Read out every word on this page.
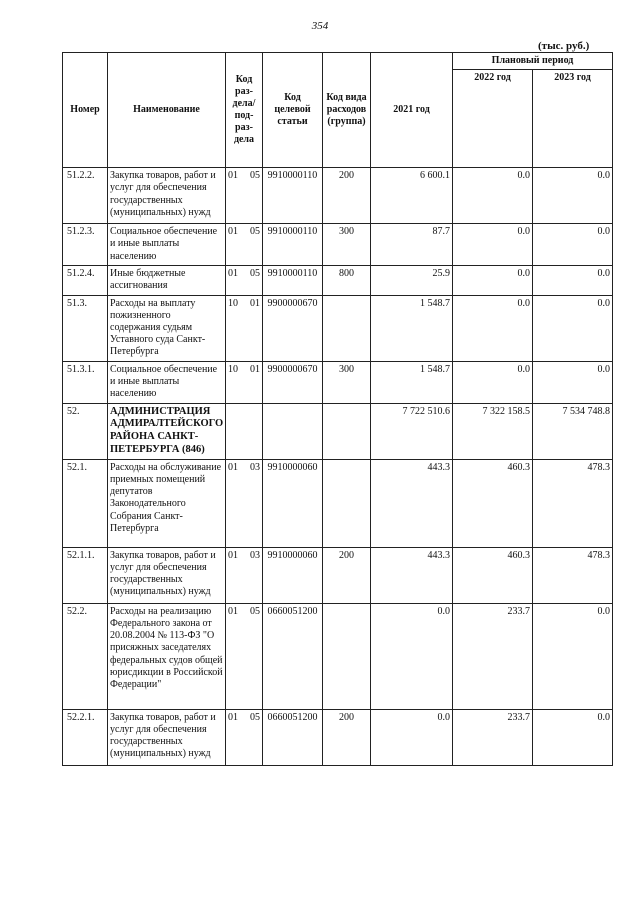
354
(тыс. руб.)
Номер	Наименование	Код раз-дела/ под-раз-дела	Код целевой статьи	Код вида расходов (группа)	2021 год	Плановый период	
						2022 год	2023 год
51.2.2.	Закупка товаров, работ и услуг для обеспечения государственных (муниципальных) нужд	01 05	9910000110	200	6 600.1	0.0	0.0
51.2.3.	Социальное обеспечение и иные выплаты населению	01 05	9910000110	300	87.7	0.0	0.0
51.2.4.	Иные бюджетные ассигнования	01 05	9910000110	800	25.9	0.0	0.0
51.3.	Расходы на выплату пожизненного содержания судьям Уставного суда Санкт-Петербурга	10 01	9900000670		1 548.7	0.0	0.0
51.3.1.	Социальное обеспечение и иные выплаты населению	10 01	9900000670	300	1 548.7	0.0	0.0
52.	АДМИНИСТРАЦИЯ АДМИРАЛТЕЙСКОГО РАЙОНА САНКТ-ПЕТЕРБУРГА (846)				7 722 510.6	7 322 158.5	7 534 748.8
52.1.	Расходы на обслуживание приемных помещений депутатов Законодательного Собрания Санкт-Петербурга	01 03	9910000060		443.3	460.3	478.3
52.1.1.	Закупка товаров, работ и услуг для обеспечения государственных (муниципальных) нужд	01 03	9910000060	200	443.3	460.3	478.3
52.2.	Расходы на реализацию Федерального закона от 20.08.2004 № 113-ФЗ "О присяжных заседателях федеральных судов общей юрисдикции в Российской Федерации"	01 05	0660051200		0.0	233.7	0.0
52.2.1.	Закупка товаров, работ и услуг для обеспечения государственных (муниципальных) нужд	01 05	0660051200	200	0.0	233.7	0.0
